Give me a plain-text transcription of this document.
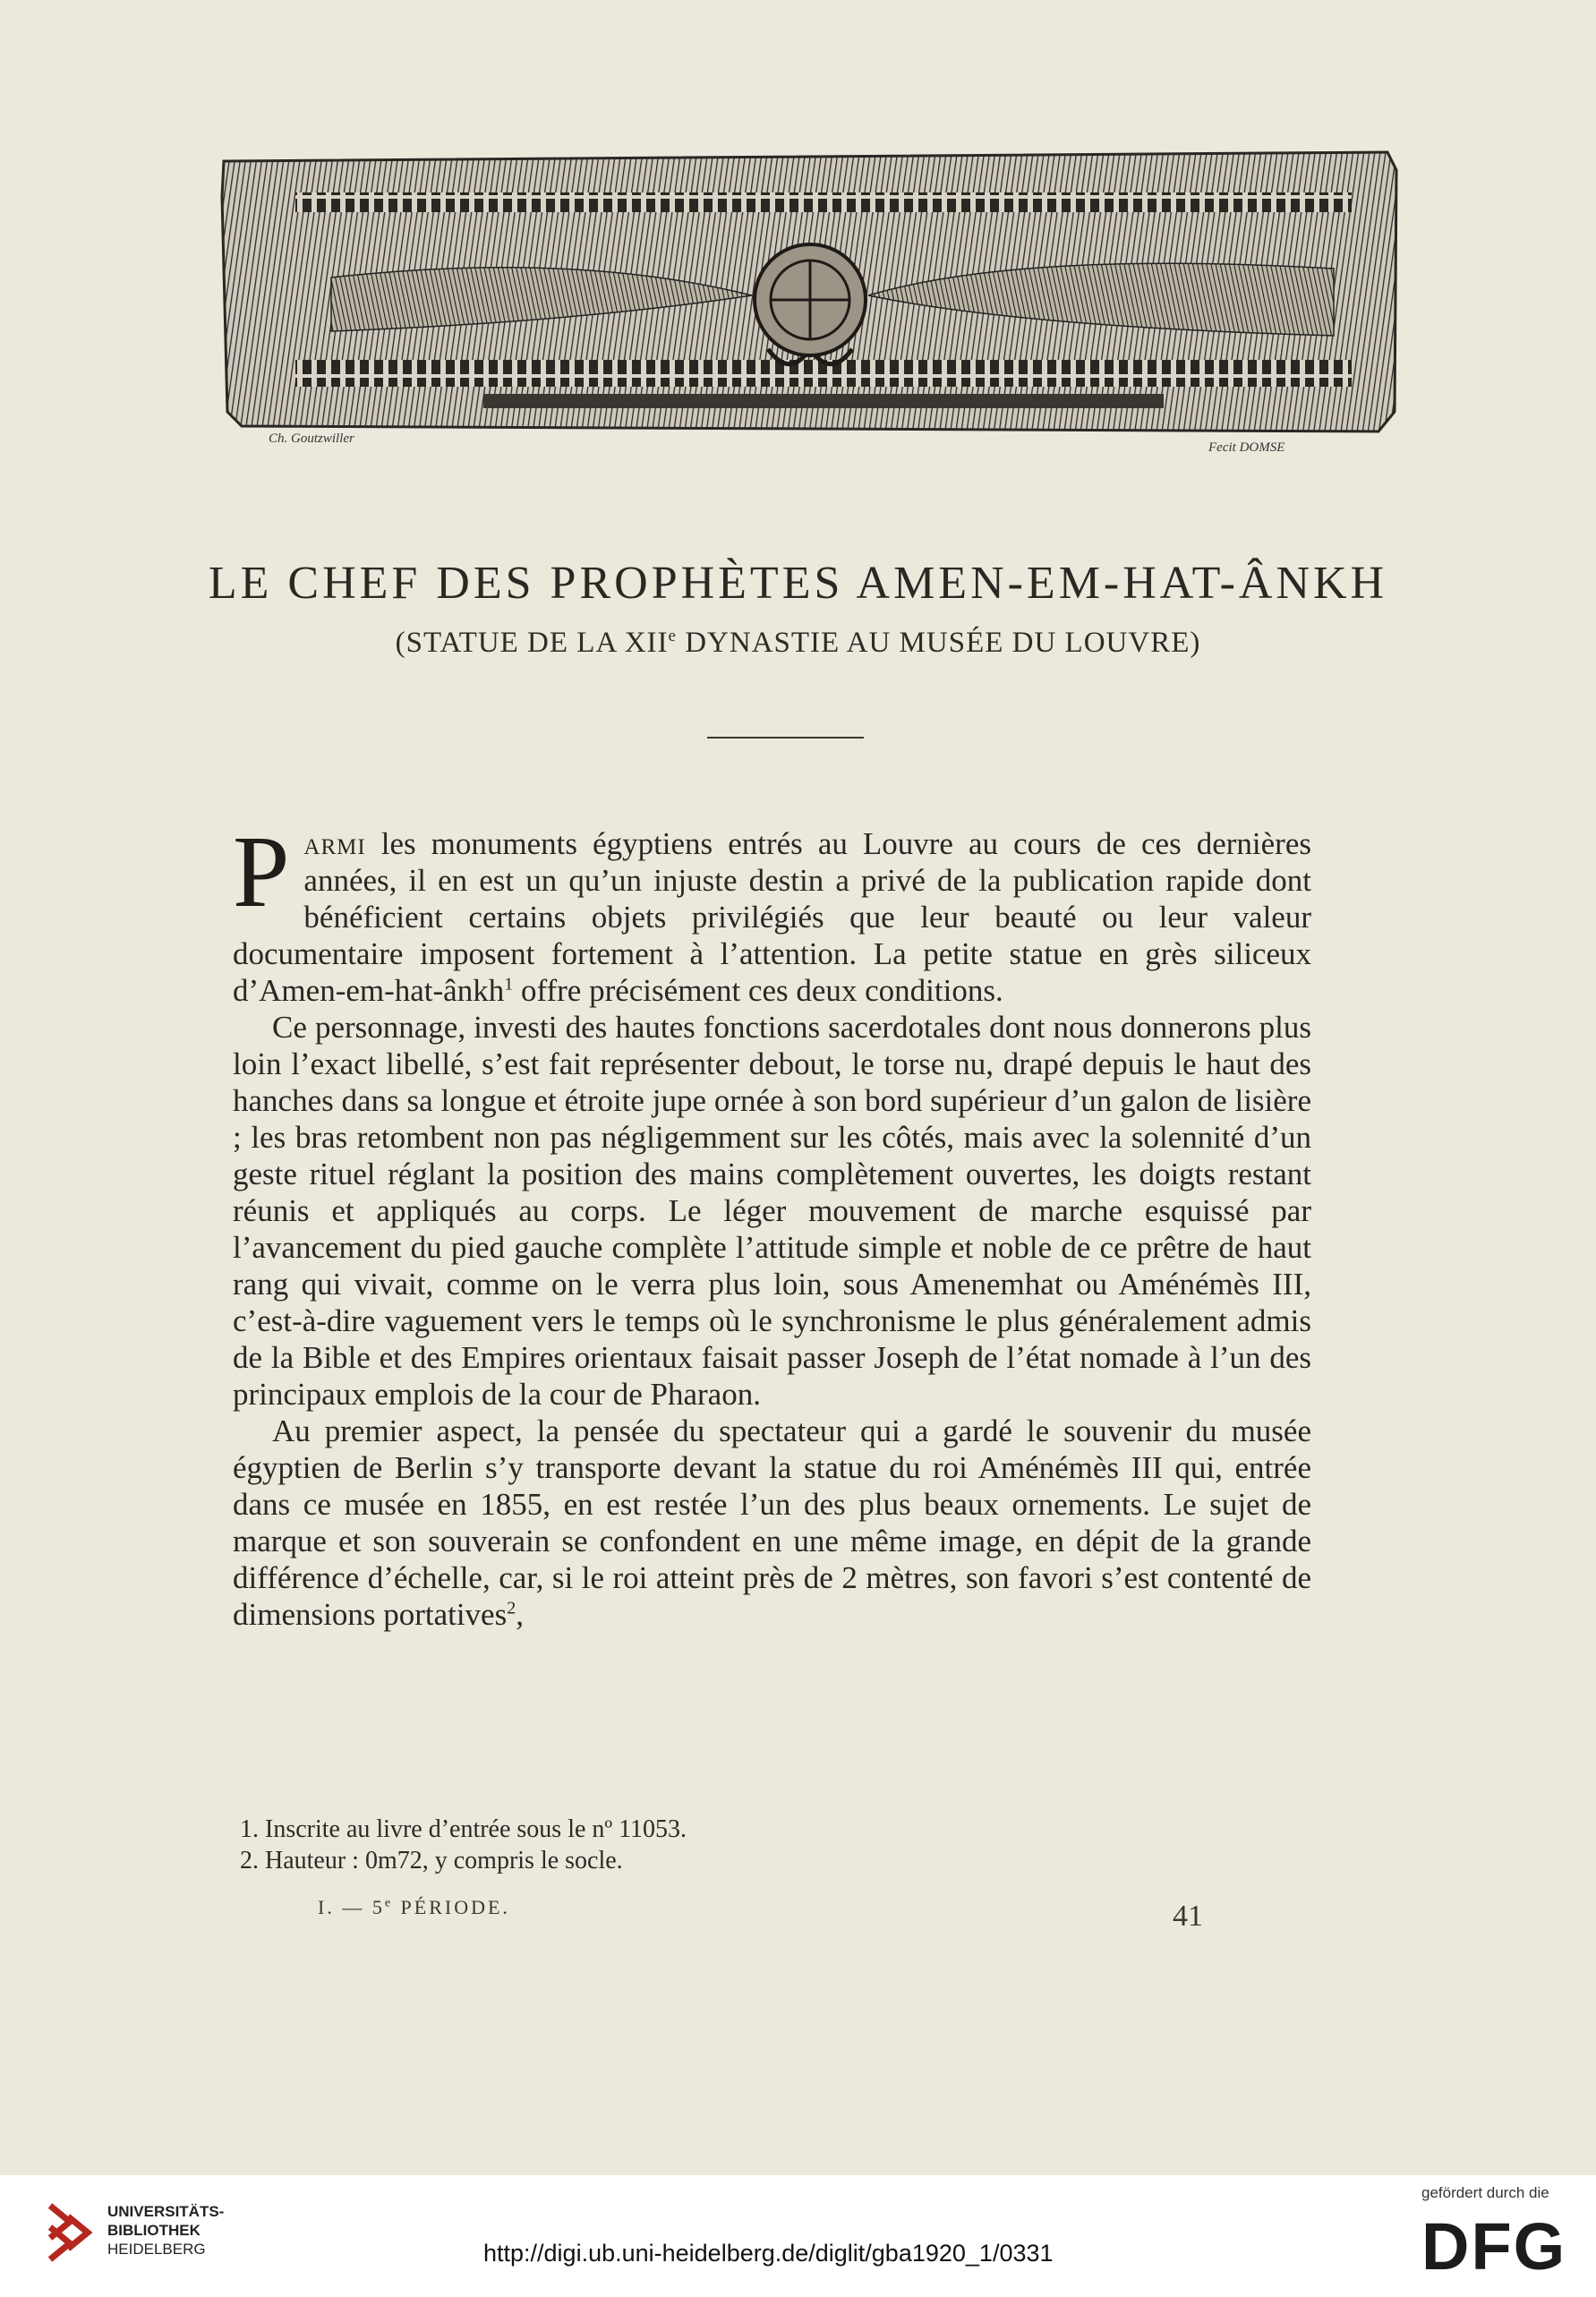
Ch. Goutzwiller
Fecit DOMSE
LE CHEF DES PROPHÈTES AMEN-EM-HAT-ÂNKH
(STATUE DE LA XIIe DYNASTIE AU MUSÉE DU LOUVRE)

Parmi les monuments égyptiens entrés au Louvre au cours de ces dernières années, il en est un qu’un injuste destin a privé de la publication rapide dont bénéficient certains objets privilégiés que leur beauté ou leur valeur documentaire imposent fortement à l’attention. La petite statue en grès siliceux d’Amen-em-hat-ânkh$^1$ offre précisément ces deux conditions.

Ce personnage, investi des hautes fonctions sacerdotales dont nous donnerons plus loin l’exact libellé, s’est fait représenter debout, le torse nu, drapé depuis le haut des hanches dans sa longue et étroite jupe ornée à son bord supérieur d’un galon de lisière ; les bras retombent non pas négligemment sur les côtés, mais avec la solennité d’un geste rituel réglant la position des mains complètement ouvertes, les doigts restant réunis et appliqués au corps. Le léger mouvement de marche esquissé par l’avancement du pied gauche complète l’attitude simple et noble de ce prêtre de haut rang qui vivait, comme on le verra plus loin, sous Amenemhat ou Aménémès III, c’est-à-dire vaguement vers le temps où le synchronisme le plus généralement admis de la Bible et des Empires orientaux faisait passer Joseph de l’état nomade à l’un des principaux emplois de la cour de Pharaon.

Au premier aspect, la pensée du spectateur qui a gardé le souvenir du musée égyptien de Berlin s’y transporte devant la statue du roi Aménémès III qui, entrée dans ce musée en 1855, en est restée l’un des plus beaux ornements. Le sujet de marque et son souverain se confondent en une même image, en dépit de la grande différence d’échelle, car, si le roi atteint près de 2 mètres, son favori s’est contenté de dimensions portatives$^2$,

1. Inscrite au livre d’entrée sous le nº 11053.
2. Hauteur : 0m72, y compris le socle.
I. — 5e PÉRIODE.	41
UNIVERSITÄTS-
BIBLIOTHEK
HEIDELBERG	http://digi.ub.uni-heidelberg.de/diglit/gba1920_1/0331
gefördert durch die
DFG
